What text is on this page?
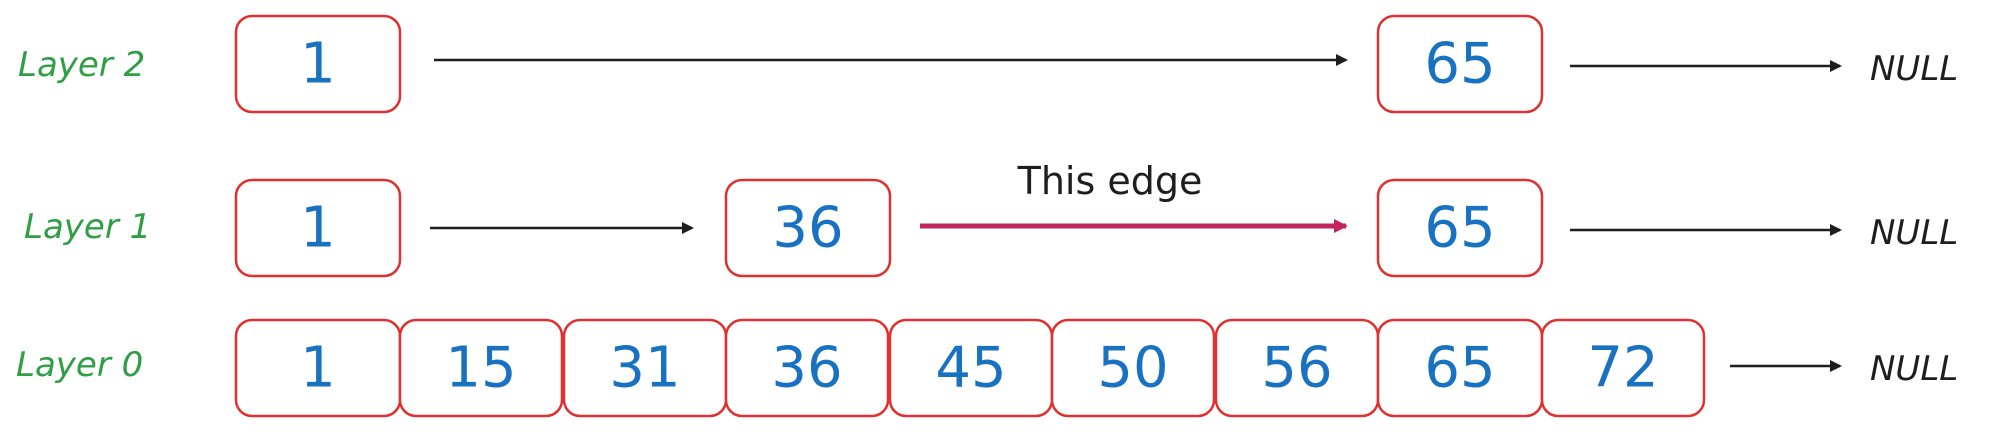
Layer 2	1	65	NULL
Layer 1	1	36
This edge
65	NULL
Layer 0	1 15 31 36 45 50 56 65 72	NULL
